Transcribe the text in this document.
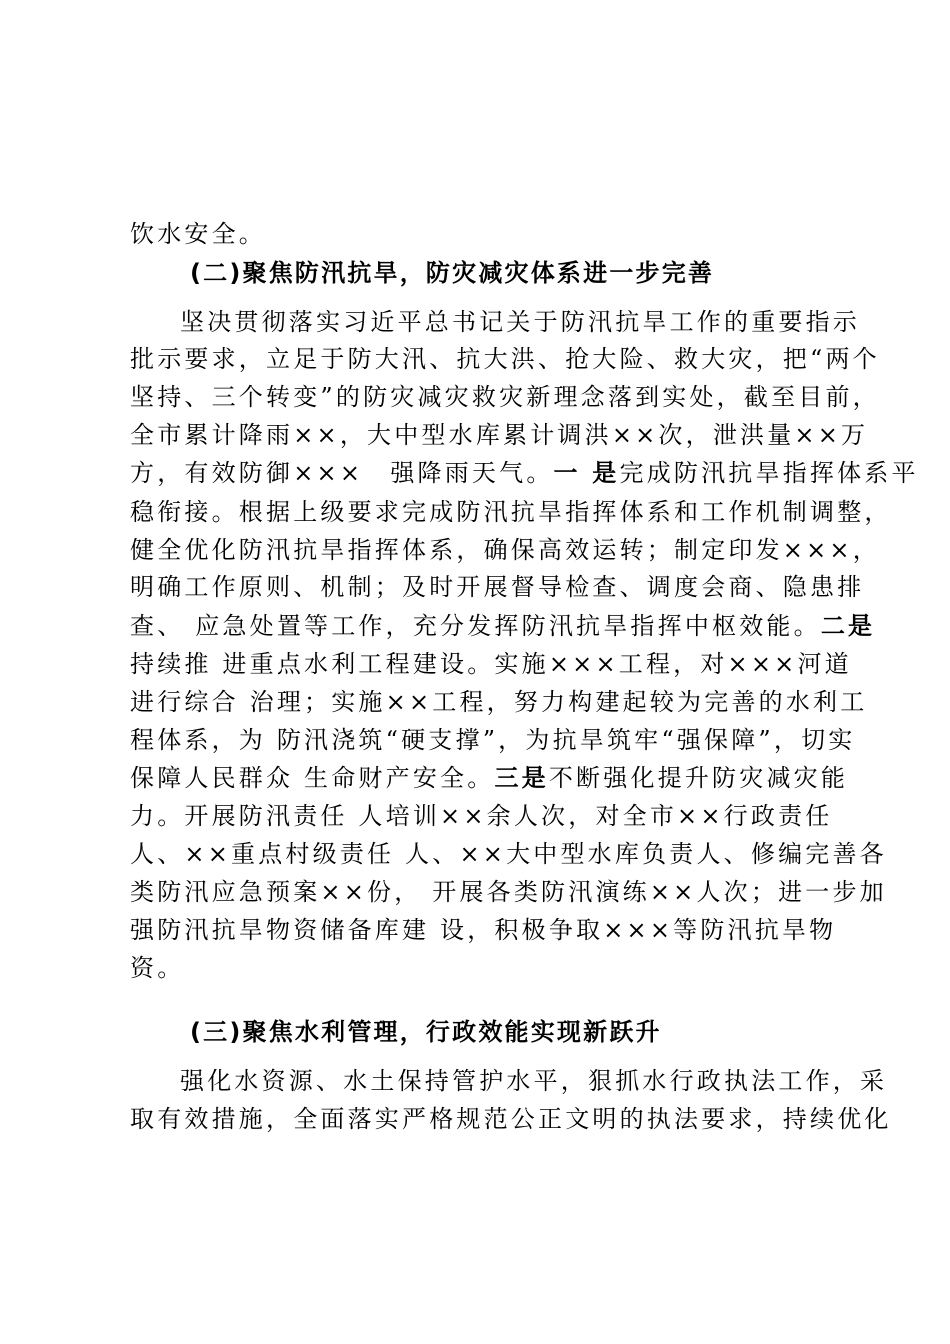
饮水安全。
(二)聚焦防汛抗旱，防灾减灾体系进一步完善
坚决贯彻落实习近平总书记关于防汛抗旱工作的重要指示
批示要求，立足于防大汛、抗大洪、抢大险、救大灾，把“两个
坚持、三个转变”的防灾减灾救灾新理念落到实处，截至目前，
全市累计降雨××，大中型水库累计调洪××次，泄洪量××万
方，有效防御×××　强降雨天气。一 是完成防汛抗旱指挥体系平
稳衔接。根据上级要求完成防汛抗旱指挥体系和工作机制调整，
健全优化防汛抗旱指挥体系，确保高效运转；制定印发×××，
明确工作原则、机制；及时开展督导检查、调度会商、隐患排
查、 应急处置等工作，充分发挥防汛抗旱指挥中枢效能。二是
持续推 进重点水利工程建设。实施×××工程，对×××河道
进行综合 治理；实施××工程，努力构建起较为完善的水利工
程体系，为 防汛浇筑“硬支撑”，为抗旱筑牢“强保障”，切实
保障人民群众 生命财产安全。三是不断强化提升防灾减灾能
力。开展防汛责任 人培训××余人次，对全市××行政责任
人、××重点村级责任 人、××大中型水库负责人、修编完善各
类防汛应急预案××份， 开展各类防汛演练××人次；进一步加
强防汛抗旱物资储备库建 设，积极争取×××等防汛抗旱物
资。
(三)聚焦水利管理，行政效能实现新跃升
强化水资源、水土保持管护水平，狠抓水行政执法工作，采
取有效措施，全面落实严格规范公正文明的执法要求，持续优化
